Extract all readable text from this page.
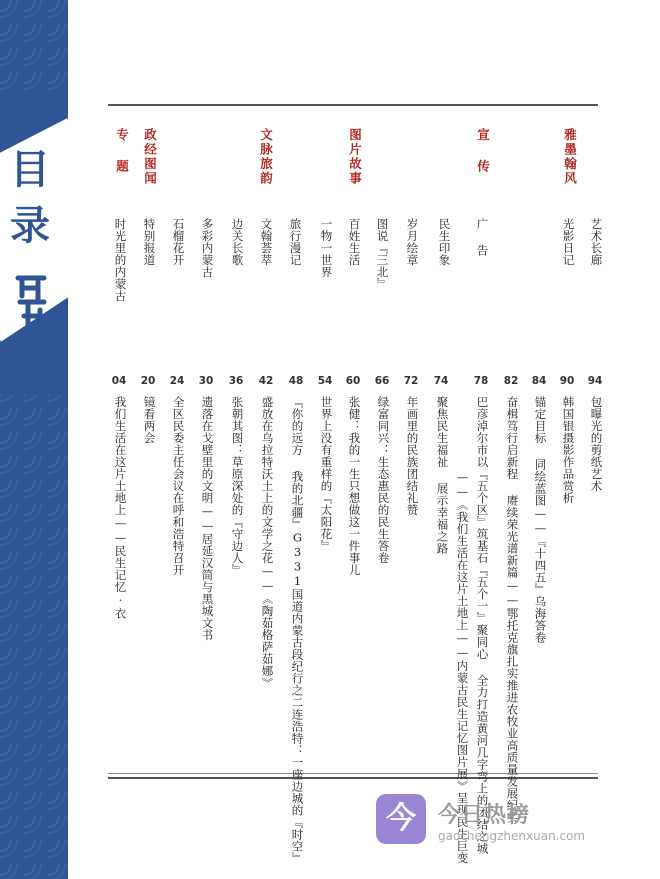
目
录
雅墨翰风
宣 传
图片故事
文脉旅韵
政经图闻
专 题
艺术长廊
光影日记
广 告
民生印象
岁月绘章
图说『三北』
百姓生活
一物一世界
旅行漫记
文翰荟萃
边关长歌
多彩内蒙古
石榴花开
特别报道
时光里的内蒙古
94
90
84
82
78
74
72
66
60
54
48
42
36
30
24
20
04
包曝光的剪纸艺术
韩国银摄影作品赏析
锚定目标 同绘蓝图——『十四五』乌海答卷
奋楫笃行启新程 赓续荣光谱新篇——鄂托克旗扎实推进农牧业高质量发展纪实
巴彦淖尔市以『五个区』筑基石『五个一』聚同心 全力打造黄河几字弯上的团结之城
——《我们生活在这片土地上——内蒙古民生记忆图片展》呈现民生巨变
聚焦民生福祉 展示幸福之路
年画里的民族团结礼赞
绿富同兴：生态惠民的民生答卷
张健：我的一生只想做这一件事儿
世界上没有重样的『太阳花』
『你的远方 我的北疆』G331国道内蒙古段纪行之二连浩特：一座边城的『时空』
盛放在乌拉特沃土上的文学之花——《陶茹格萨茹娜》
张朝其图：草原深处的『守边人』
遗落在戈壁里的文明——居延汉简与黑城文书
全区民委主任会议在呼和浩特召开
镜看两会
我们生活在这片土地上——民生记忆·衣
今	今日热榜
gaochengzhenxuan.com
